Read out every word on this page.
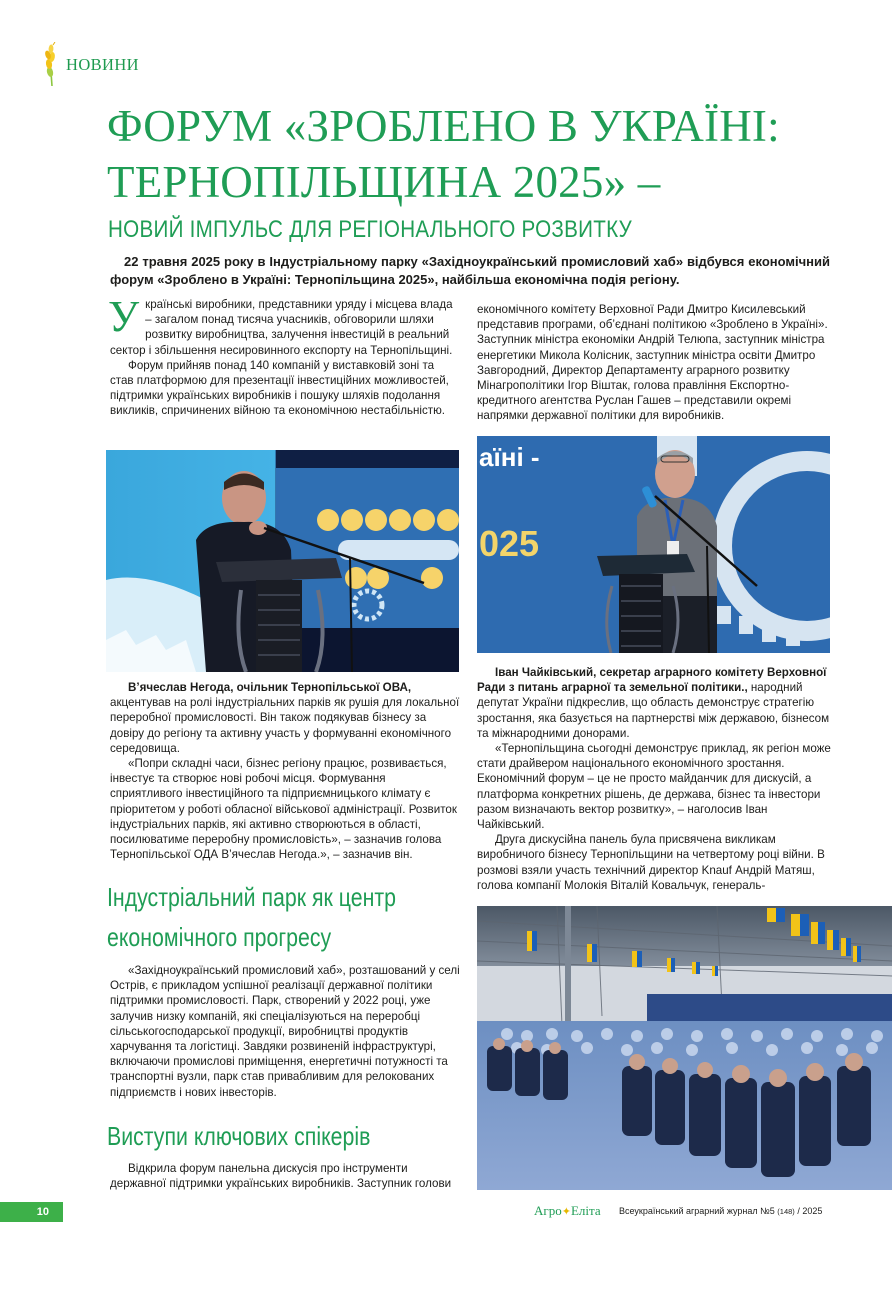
НОВИНИ
ФОРУМ «ЗРОБЛЕНО В УКРАЇНІ:
ТЕРНОПІЛЬЩИНА 2025» –
НОВИЙ ІМПУЛЬС ДЛЯ РЕГІОНАЛЬНОГО РОЗВИТКУ

22 травня 2025 року в Індустріальному парку «Західноукраїнський промисловий хаб» відбувся економічний форум «Зроблено в Україні: Тернопільщина 2025», найбільша економічна подія регіону.

У країнські виробники, представники уряду і місцева влада – загалом понад тисяча учасників, обговорили шляхи розвитку виробництва, залучення інвестицій в реальний сектор і збільшення несировинного експорту на Тернопільщині.

Форум прийняв понад 140 компаній у виставковій зоні та став платформою для презентації інвестиційних можливостей, підтримки українських виробників і пошуку шляхів подолання викликів, спричинених війною та економічною нестабільністю.

В’ячеслав Негода, очільник Тернопільської ОВА, акцентував на ролі індустріальних парків як рушія для локальної переробної промисловості. Він також подякував бізнесу за довіру до регіону та активну участь у формуванні економічного середовища.

«Попри складні часи, бізнес регіону працює, розвивається, інвестує та створює нові робочі місця. Формування сприятливого інвестиційного та підприємницького клімату є пріоритетом у роботі обласної військової адміністрації. Розвиток індустріальних парків, які активно створюються в області, посилюватиме переробну промисловість», – зазначив голова Тернопільської ОДА В’ячеслав Негода.», – зазначив він.

Індустріальний парк як центр
економічного прогресу

«Західноукраїнський промисловий хаб», розташований у селі Острів, є прикладом успішної реалізації державної політики підтримки промисловості. Парк, створений у 2022 році, уже залучив низку компаній, які спеціалізуються на переробці сільськогосподарської продукції, виробництві продуктів харчування та логістиці. Завдяки розвиненій інфраструктурі, включаючи промислові приміщення, енергетичні потужності та транспортні вузли, парк став привабливим для релокованих підприємств і нових інвесторів.

Виступи ключових спікерів

Відкрила форум панельна дискусія про інструменти державної підтримки українських виробників. Заступник голови

економічного комітету Верховної Ради Дмитро Кисилевський представив програми, об’єднані політикою «Зроблено в Україні». Заступник міністра економіки Андрій Телюпа, заступник міністра енергетики Микола Колісник, заступник міністра освіти Дмитро Завгородний, Директор Департаменту аграрного розвитку Мінагрополітики Ігор Віштак, голова правління Експортно-кредитного агентства Руслан Гашев – представили окремі напрямки державної політики для виробників.

аїні -
025

Іван Чайківський, секретар аграрного комітету Верховної Ради з питань аграрної та земельної політики., народний депутат України підкреслив, що область демонструє стратегію зростання, яка базується на партнерстві між державою, бізнесом та міжнародними донорами.

«Тернопільщина сьогодні демонструє приклад, як регіон може стати драйвером національного економічного зростання. Економічний форум – це не просто майданчик для дискусій, а платформа конкретних рішень, де держава, бізнес та інвестори разом визначають вектор розвитку», – наголосив Іван Чайківський.

Друга дискусійна панель була присвячена викликам виробничого бізнесу Тернопільщини на четвертому році війни. В розмові взяли участь технічний директор Knauf Андрій Матяш, голова компанії Молокія Віталій Ковальчук, генераль-

10	Агро✦Еліта Всеукраїнський аграрний журнал №5 (148) / 2025
